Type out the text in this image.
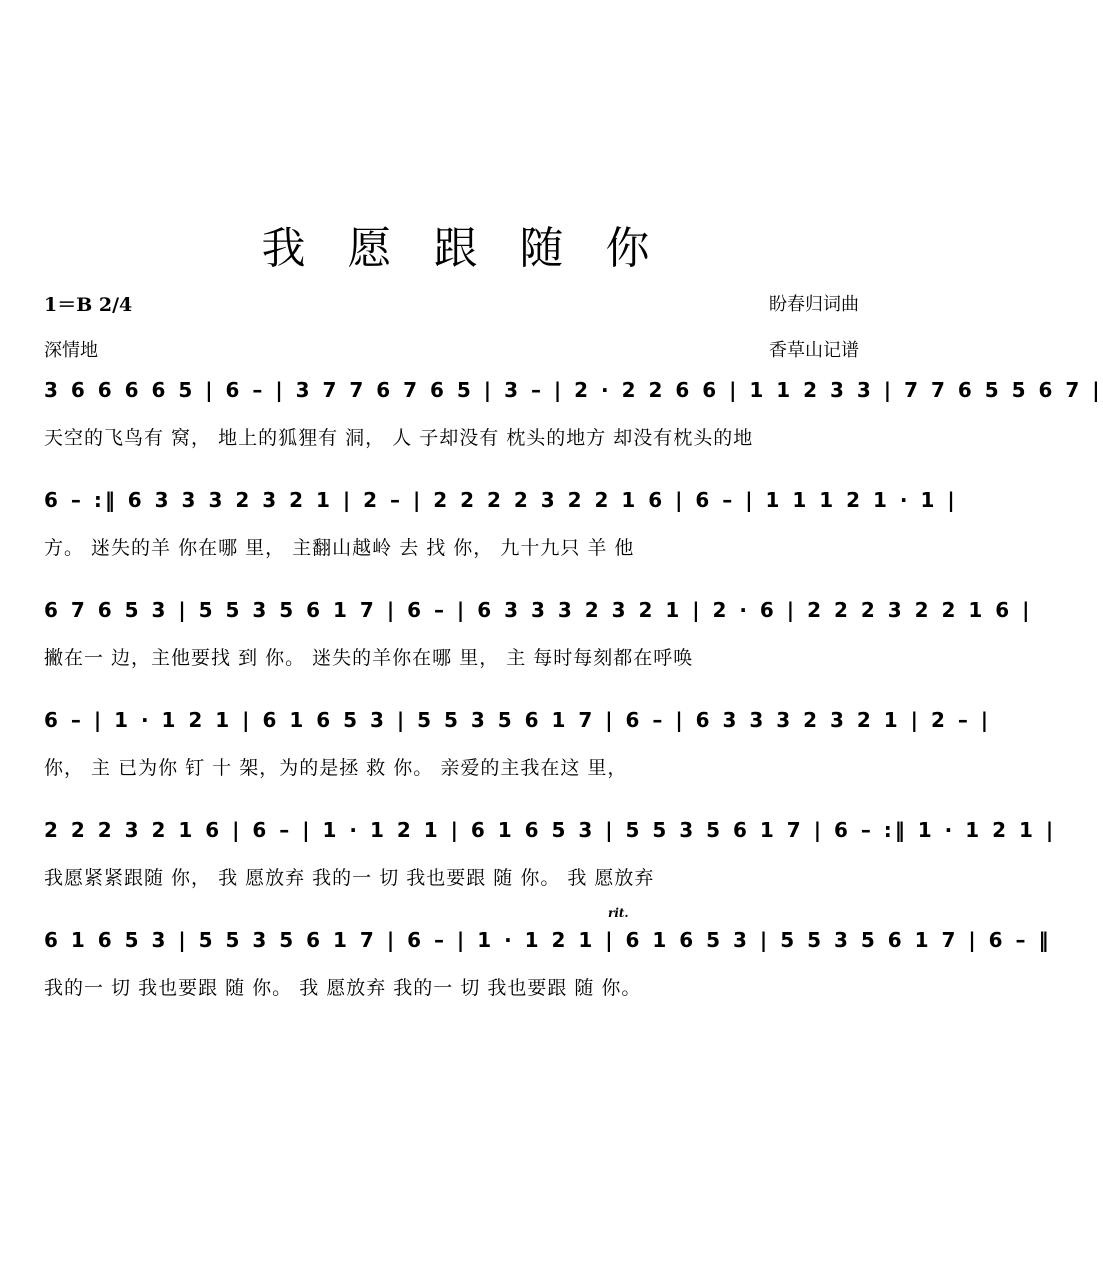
我 愿 跟 随 你
1＝B 2/4
深情地
盼春归词曲
香草山记谱
3 6 6 6 6 5 | 6 – | 3 7 7 6 7 6 5 | 3 – | 2 · 2 2 6 6 | 1 1 2 3 3 | 7 7 6 5 5 6 7 |
天空的飞鸟有 窝， 地上的狐狸有 洞， 人 子却没有 枕头的地方 却没有枕头的地
6 – :‖ 6 3 3 3 2 3 2 1 | 2 – | 2 2 2 2 3 2 2 1 6 | 6 – | 1 1 1 2 1 · 1 |
方。 迷失的羊 你在哪 里， 主翻山越岭 去 找 你， 九十九只 羊 他
6 7 6 5 3 | 5 5 3 5 6 1 7 | 6 – | 6 3 3 3 2 3 2 1 | 2 · 6 | 2 2 2 3 2 2 1 6 |
撇在一 边，主他要找 到 你。 迷失的羊你在哪 里， 主 每时每刻都在呼唤
6 – | 1 · 1 2 1 | 6 1 6 5 3 | 5 5 3 5 6 1 7 | 6 – | 6 3 3 3 2 3 2 1 | 2 – |
你， 主 已为你 钉 十 架，为的是拯 救 你。 亲爱的主我在这 里，
2 2 2 3 2 1 6 | 6 – | 1 · 1 2 1 | 6 1 6 5 3 | 5 5 3 5 6 1 7 | 6 – :‖ 1 · 1 2 1 |
我愿紧紧跟随 你， 我 愿放弃 我的一 切 我也要跟 随 你。 我 愿放弃
rit.
6 1 6 5 3 | 5 5 3 5 6 1 7 | 6 – | 1 · 1 2 1 | 6 1 6 5 3 | 5 5 3 5 6 1 7 | 6 – ‖
我的一 切 我也要跟 随 你。 我 愿放弃 我的一 切 我也要跟 随 你。
